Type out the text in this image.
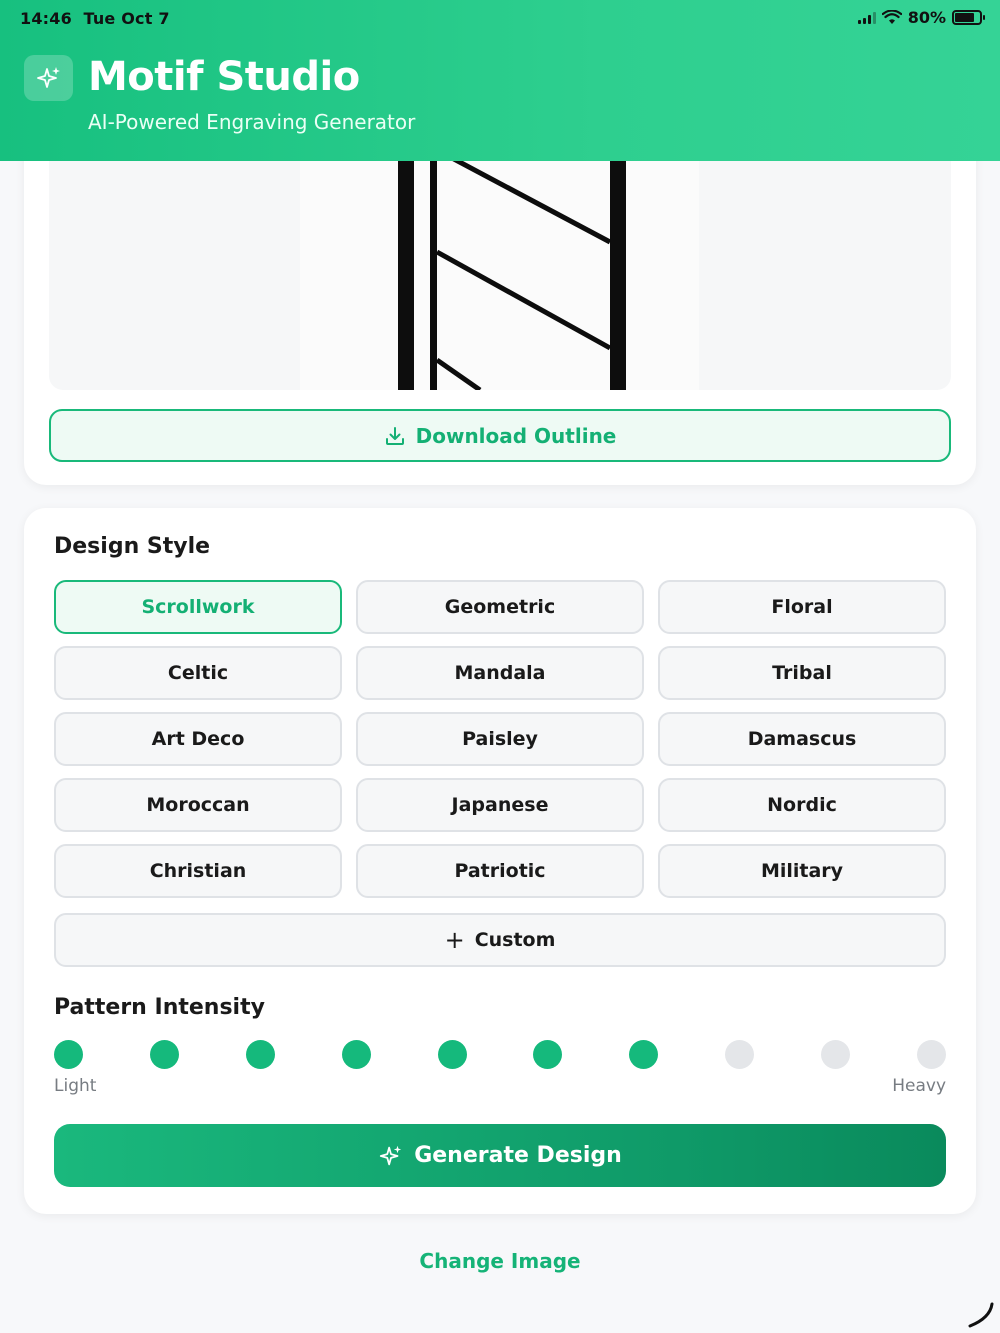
14:46 Tue Oct 7	80%
Motif Studio
AI-Powered Engraving Generator
Download Outline
Design Style
Scrollwork	Geometric	Floral
Celtic	Mandala	Tribal
Art Deco	Paisley	Damascus
Moroccan	Japanese	Nordic
Christian	Patriotic	Military
+ Custom
Pattern Intensity
Light	Heavy
Generate Design
Change Image
